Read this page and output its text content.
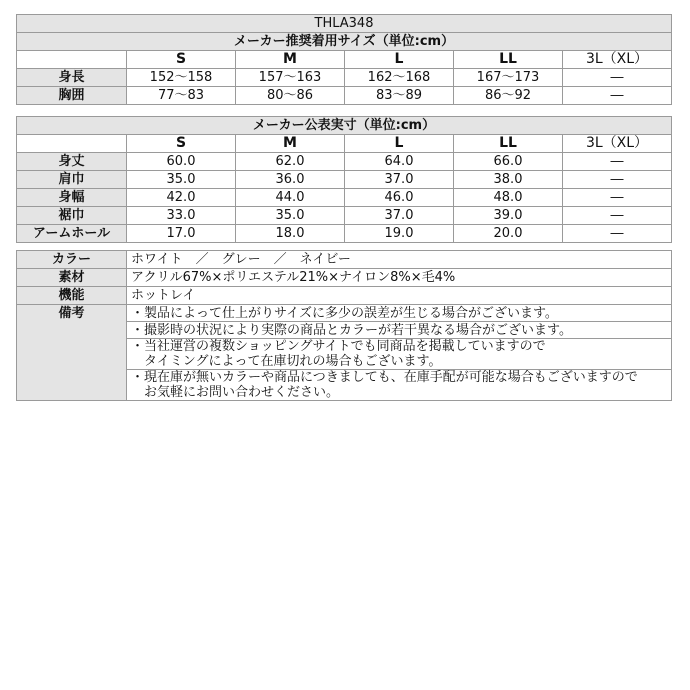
THLA348					
メーカー推奨着用サイズ（単位:cm）					
	S	M	L	LL	3L（XL）
身長	152〜158	157〜163	162〜168	167〜173	―
胸囲	77〜83	80〜86	83〜89	86〜92	―
メーカー公表実寸（単位:cm）					
	S	M	L	LL	3L（XL）
身丈	60.0	62.0	64.0	66.0	―
肩巾	35.0	36.0	37.0	38.0	―
身幅	42.0	44.0	46.0	48.0	―
裾巾	33.0	35.0	37.0	39.0	―
アームホール	17.0	18.0	19.0	20.0	―
カラー	ホワイト　／　グレー　／　ネイビー
素材	アクリル67%×ポリエステル21%×ナイロン8%×毛4%
機能	ホットレイ
備考	・製品によって仕上がりサイズに多少の誤差が生じる場合がございます。

	・撮影時の状況により実際の商品とカラーが若干異なる場合がございます。

	・当社運営の複数ショッピングサイトでも同商品を掲載していますので
　タイミングによって在庫切れの場合もございます。

	・現在庫が無いカラーや商品につきましても、在庫手配が可能な場合もございますので
　お気軽にお問い合わせください。
